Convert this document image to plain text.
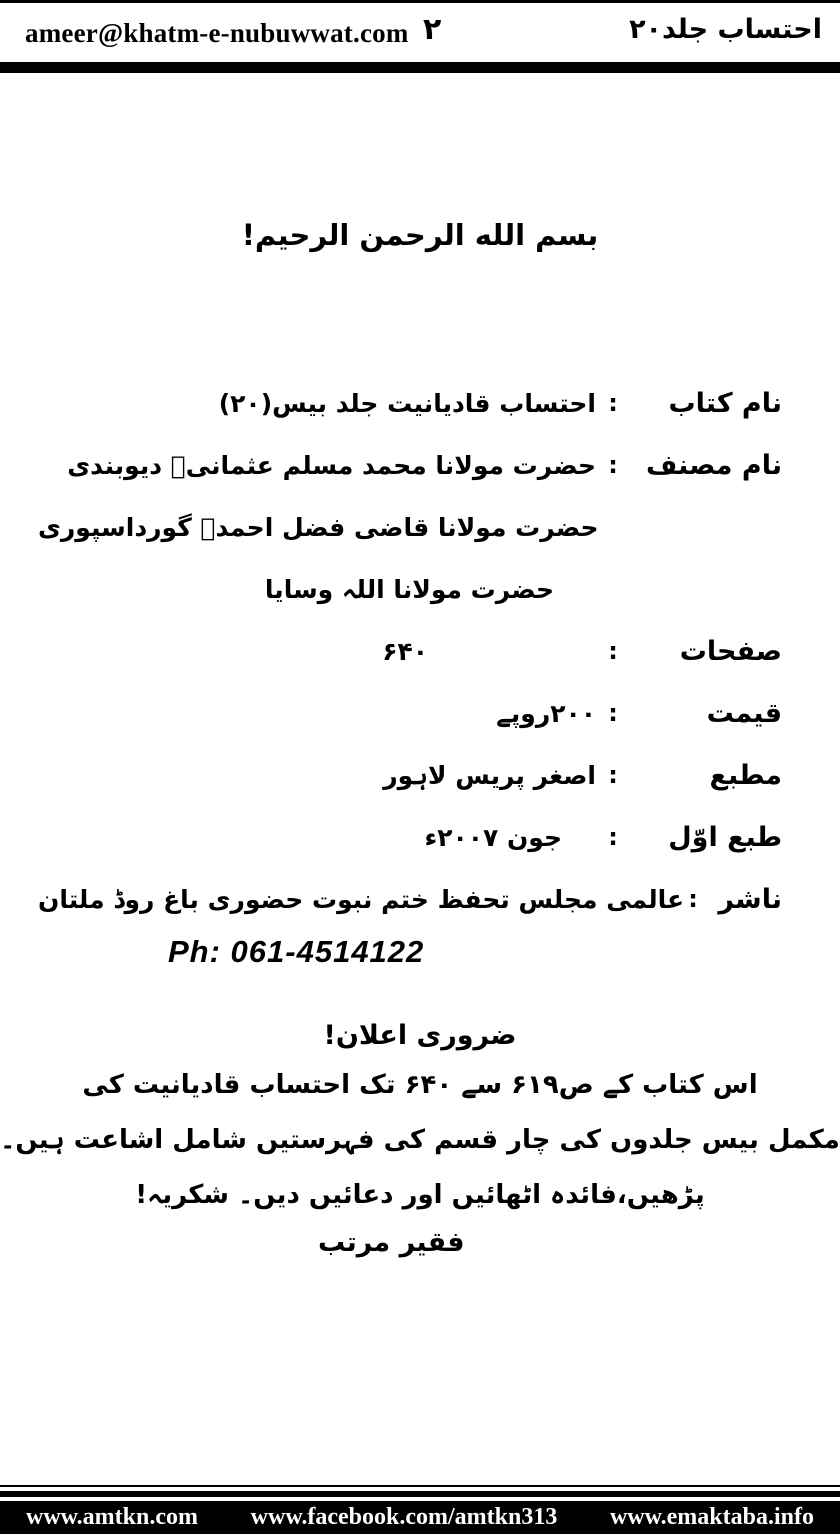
ameer@khatm-e-nubuwwat.com ۲	احتساب جلد۲۰
بسم الله الرحمن الرحيم!
نام کتاب
:
احتساب قادیانیت جلد بیس(۲۰)
نام مصنف
:
حضرت مولانا محمد مسلم عثمانیؒ دیوبندی
حضرت مولانا قاضی فضل احمدؒ گورداسپوری
حضرت مولانا اللہ وسایا
صفحات
:
۶۴۰
قیمت
:
۲۰۰روپے
مطبع
:
اصغر پریس لاہور
طبع اوّل
:
جون ۲۰۰۷ء
ناشر
:
عالمی مجلس تحفظ ختم نبوت حضوری باغ روڈ ملتان
Ph: 061-4514122
ضروری اعلان!
اس کتاب کے ص۶۱۹ سے ۶۴۰ تک احتساب قادیانیت کی
مکمل بیس جلدوں کی چار قسم کی فہرستیں شامل اشاعت ہیں۔
پڑھیں،فائدہ اٹھائیں اور دعائیں دیں۔ شکریہ!
فقیر مرتب
www.amtkn.com www.facebook.com/amtkn313 www.emaktaba.info
